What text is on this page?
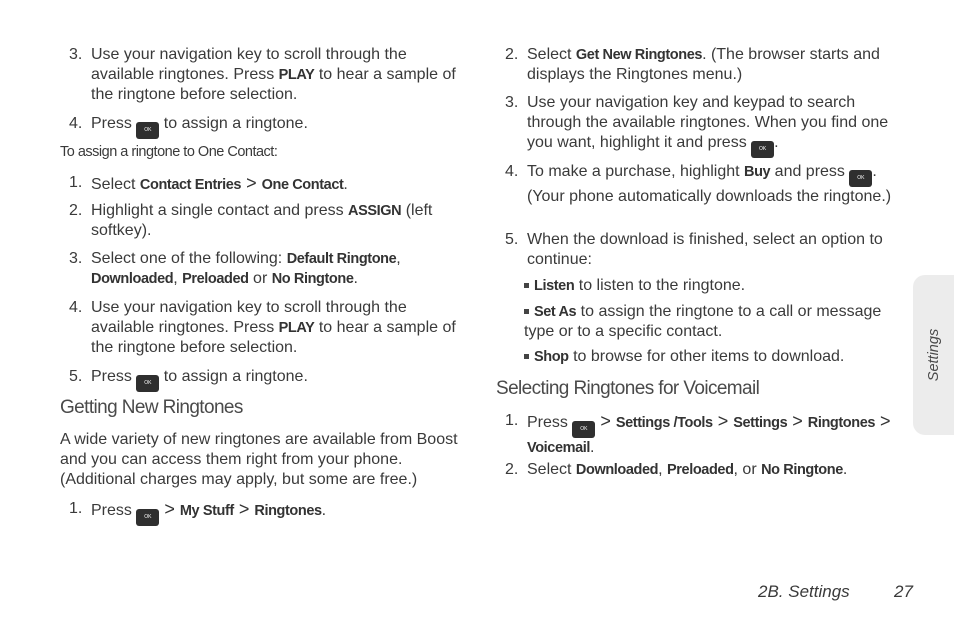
3. Use your navigation key to scroll through the available ringtones. Press PLAY to hear a sample of the ringtone before selection.
4. Press OK to assign a ringtone.
To assign a ringtone to One Contact:
1. Select Contact Entries > One Contact.
2. Highlight a single contact and press ASSIGN (left softkey).
3. Select one of the following: Default Ringtone, Downloaded, Preloaded or No Ringtone.
4. Use your navigation key to scroll through the available ringtones. Press PLAY to hear a sample of the ringtone before selection.
5. Press OK to assign a ringtone.
Getting New Ringtones
A wide variety of new ringtones are available from Boost and you can access them right from your phone. (Additional charges may apply, but some are free.)
1. Press OK > My Stuff > Ringtones.
2. Select Get New Ringtones. (The browser starts and displays the Ringtones menu.)
3. Use your navigation key and keypad to search through the available ringtones. When you find one you want, highlight it and press OK .
4. To make a purchase, highlight Buy and press OK . (Your phone automatically downloads the ringtone.)
5. When the download is finished, select an option to continue:
Listen to listen to the ringtone.
Set As to assign the ringtone to a call or message type or to a specific contact.
Shop to browse for other items to download.
Selecting Ringtones for Voicemail
1. Press OK > Settings /Tools > Settings > Ringtones > Voicemail.
2. Select Downloaded, Preloaded, or No Ringtone.
Settings
2B. Settings	27
